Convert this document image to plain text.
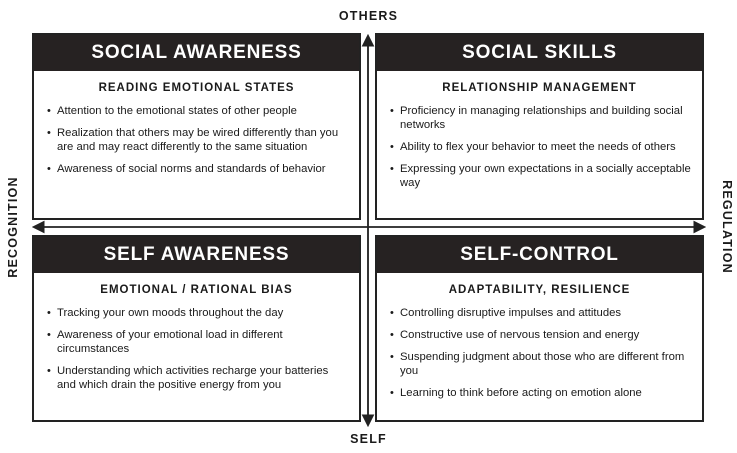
OTHERS
SELF
RECOGNITION	REGULATION
SOCIAL AWARENESS
READING EMOTIONAL STATES
• Attention to the emotional states of other people
• Realization that others may be wired differently than you are and may react differently to the same situation
• Awareness of social norms and standards of behavior
SOCIAL SKILLS
RELATIONSHIP MANAGEMENT
• Proficiency in managing relationships and building social networks
• Ability to flex your behavior to meet the needs of others
• Expressing your own expectations in a socially acceptable way
SELF AWARENESS
EMOTIONAL / RATIONAL BIAS
• Tracking your own moods throughout the day
• Awareness of your emotional load in different circumstances
• Understanding which activities recharge your batteries and which drain the positive energy from you
SELF-CONTROL
ADAPTABILITY, RESILIENCE
• Controlling disruptive impulses and attitudes
• Constructive use of nervous tension and energy
• Suspending judgment about those who are different from you
• Learning to think before acting on emotion alone
